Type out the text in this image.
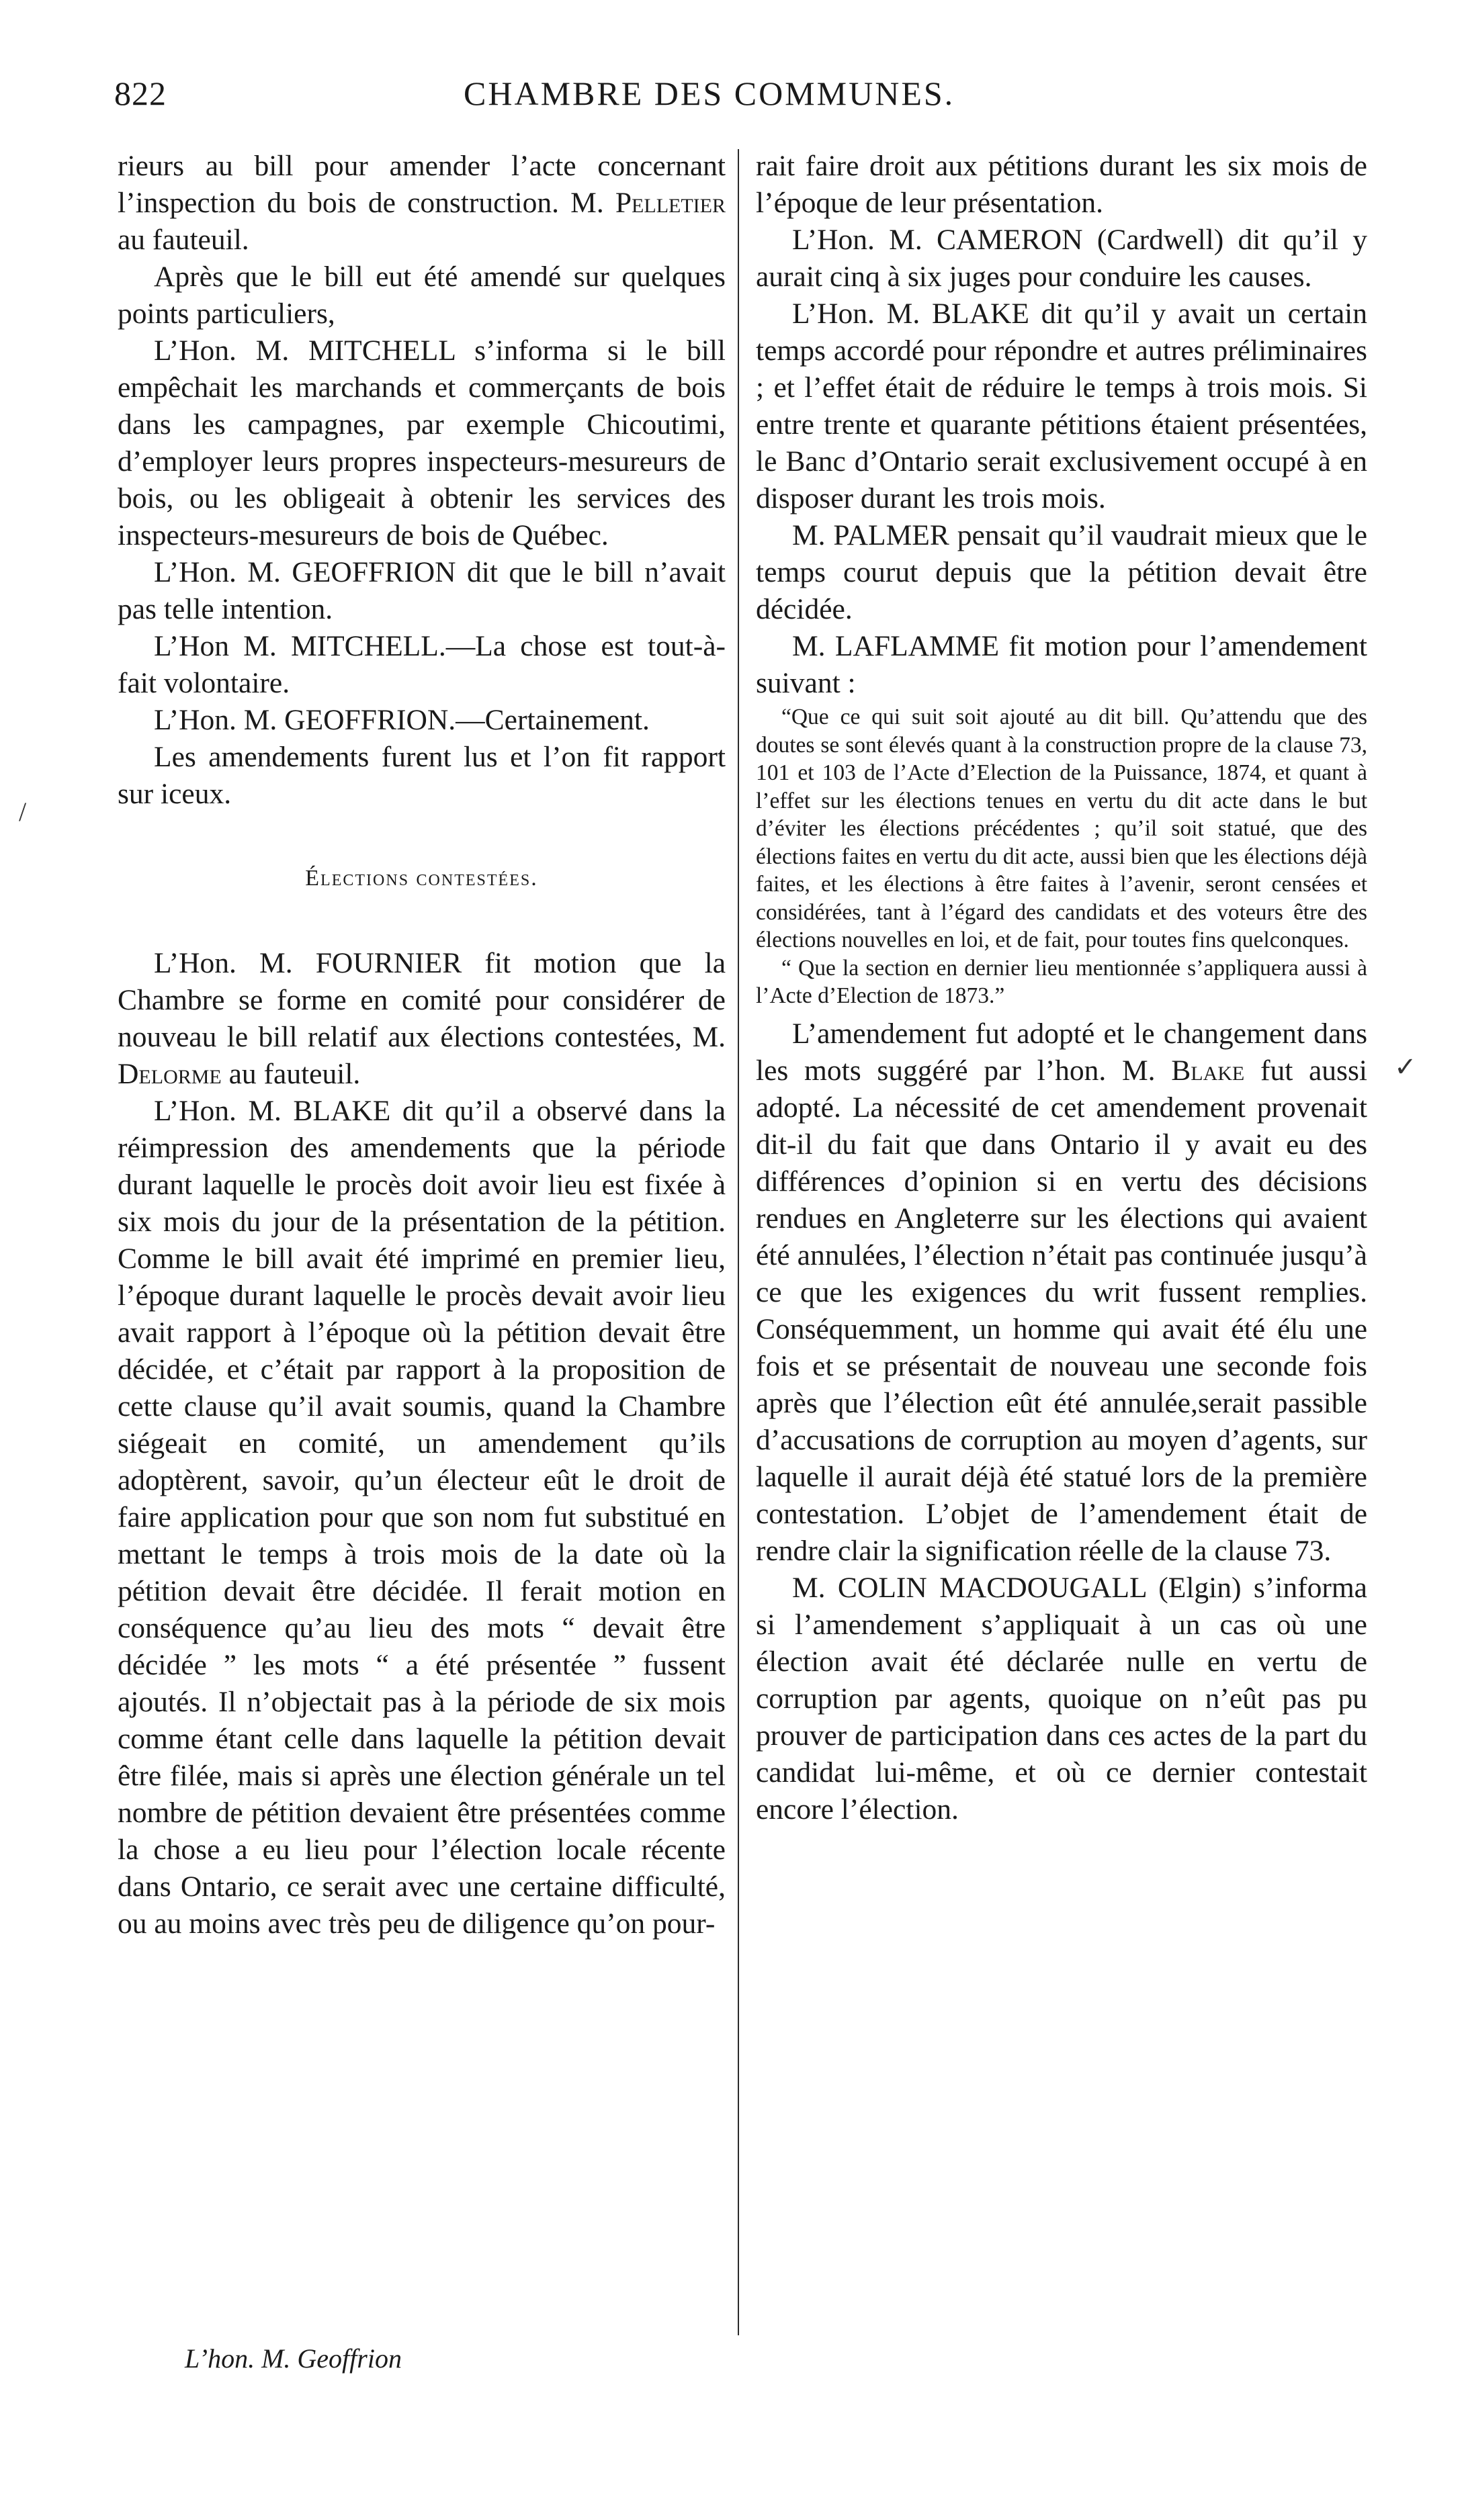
822	CHAMBRE DES COMMUNES.

rieurs au bill pour amender l’acte concernant l’inspection du bois de construction. M. Pelletier au fauteuil.

Après que le bill eut été amendé sur quelques points particuliers,

L’Hon. M. MITCHELL s’informa si le bill empêchait les marchands et commerçants de bois dans les campagnes, par exemple Chicoutimi, d’employer leurs propres inspecteurs-mesureurs de bois, ou les obligeait à obtenir les services des inspecteurs-mesureurs de bois de Québec.

L’Hon. M. GEOFFRION dit que le bill n’avait pas telle intention.

L’Hon M. MITCHELL.—La chose est tout-à-fait volontaire.

L’Hon. M. GEOFFRION.—Certainement.

Les amendements furent lus et l’on fit rapport sur iceux.

Élections contestées.

L’Hon. M. FOURNIER fit motion que la Chambre se forme en comité pour considérer de nouveau le bill relatif aux élections contestées, M. Delorme au fauteuil.

L’Hon. M. BLAKE dit qu’il a observé dans la réimpression des amendements que la période durant laquelle le procès doit avoir lieu est fixée à six mois du jour de la présentation de la pétition. Comme le bill avait été imprimé en premier lieu, l’époque durant laquelle le procès devait avoir lieu avait rapport à l’époque où la pétition devait être décidée, et c’était par rapport à la proposition de cette clause qu’il avait soumis, quand la Chambre siégeait en comité, un amendement qu’ils adoptèrent, savoir, qu’un électeur eût le droit de faire application pour que son nom fut substitué en mettant le temps à trois mois de la date où la pétition devait être décidée. Il ferait motion en conséquence qu’au lieu des mots “ devait être décidée ” les mots “ a été présentée ” fussent ajoutés. Il n’objectait pas à la période de six mois comme étant celle dans laquelle la pétition devait être filée, mais si après une élection générale un tel nombre de pétition devaient être présentées comme la chose a eu lieu pour l’élection locale récente dans Ontario, ce serait avec une certaine difficulté, ou au moins avec très peu de diligence qu’on pour-

rait faire droit aux pétitions durant les six mois de l’époque de leur présentation.

L’Hon. M. CAMERON (Cardwell) dit qu’il y aurait cinq à six juges pour conduire les causes.

L’Hon. M. BLAKE dit qu’il y avait un certain temps accordé pour répondre et autres préliminaires ; et l’effet était de réduire le temps à trois mois. Si entre trente et quarante pétitions étaient présentées, le Banc d’Ontario serait exclusivement occupé à en disposer durant les trois mois.

M. PALMER pensait qu’il vaudrait mieux que le temps courut depuis que la pétition devait être décidée.

M. LAFLAMME fit motion pour l’amendement suivant :

“Que ce qui suit soit ajouté au dit bill. Qu’attendu que des doutes se sont élevés quant à la construction propre de la clause 73, 101 et 103 de l’Acte d’Election de la Puissance, 1874, et quant à l’effet sur les élections tenues en vertu du dit acte dans le but d’éviter les élections précédentes ; qu’il soit statué, que des élections faites en vertu du dit acte, aussi bien que les élections déjà faites, et les élections à être faites à l’avenir, seront censées et considérées, tant à l’égard des candidats et des voteurs être des élections nouvelles en loi, et de fait, pour toutes fins quelconques.

“ Que la section en dernier lieu mentionnée s’appliquera aussi à l’Acte d’Election de 1873.”

L’amendement fut adopté et le changement dans les mots suggéré par l’hon. M. Blake fut aussi adopté. La nécessité de cet amendement provenait dit-il du fait que dans Ontario il y avait eu des différences d’opinion si en vertu des décisions rendues en Angleterre sur les élections qui avaient été annulées, l’élection n’était pas continuée jusqu’à ce que les exigences du writ fussent remplies. Conséquemment, un homme qui avait été élu une fois et se présentait de nouveau une seconde fois après que l’élection eût été annulée,serait passible d’accusations de corruption au moyen d’agents, sur laquelle il aurait déjà été statué lors de la première contestation. L’objet de l’amendement était de rendre clair la signification réelle de la clause 73.

M. COLIN MACDOUGALL (Elgin) s’informa si l’amendement s’appliquait à un cas où une élection avait été déclarée nulle en vertu de corruption par agents, quoique on n’eût pas pu prouver de participation dans ces actes de la part du candidat lui-même, et où ce dernier contestait encore l’élection.

L’hon. M. Geoffrion
/
✓
